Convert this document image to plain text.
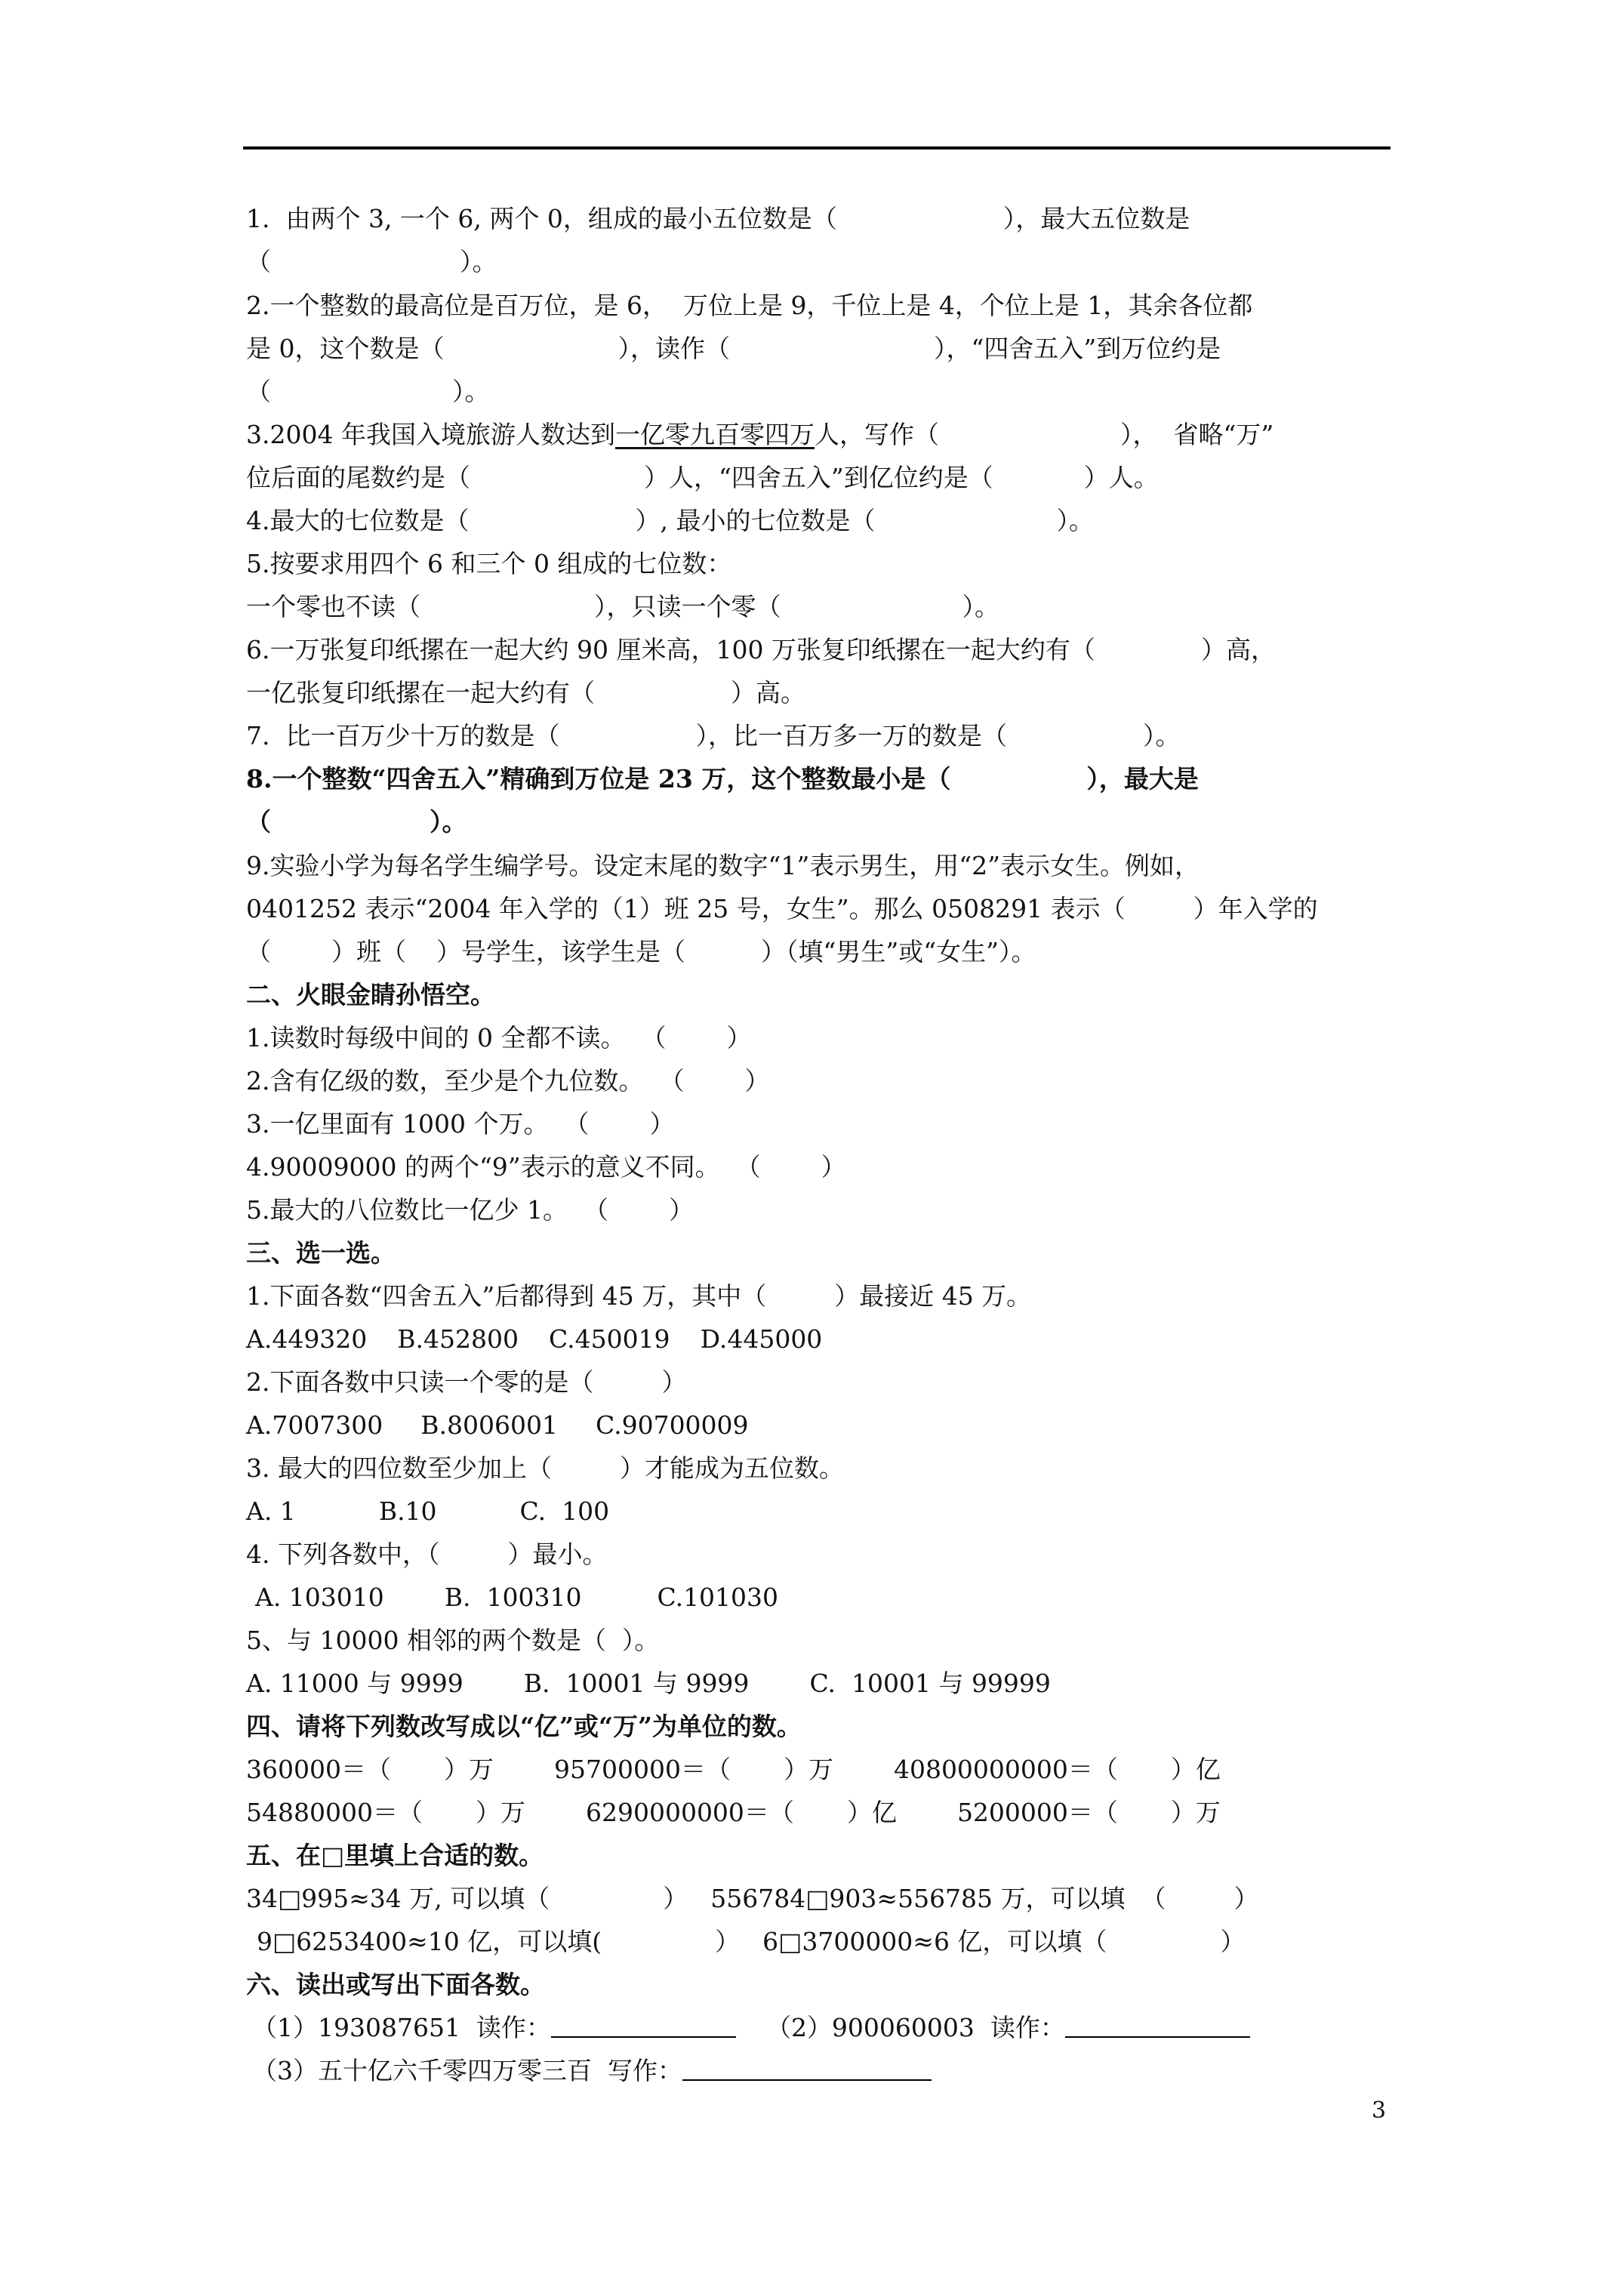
1.  由两个 3, 一个 6, 两个 0，组成的最小五位数是（	），最大五位数是
（	）。
2.一个整数的最高位是百万位，是 6，  万位上是 9，千位上是 4，个位上是 1，其余各位都
是 0，这个数是（	），读作（	），“四舍五入”到万位约是
（	）。
3.2004 年我国入境旅游人数达到一亿零九百零四万人，写作（	），  省略“万”
位后面的尾数约是（	）人，“四舍五入”到亿位约是（	）人。
4.最大的七位数是（	）, 最小的七位数是（	）。
5.按要求用四个 6 和三个 0 组成的七位数：
一个零也不读（	），只读一个零（	）。
6.一万张复印纸摞在一起大约 90 厘米高，100 万张复印纸摞在一起大约有（	）高，
一亿张复印纸摞在一起大约有（	）高。
7.  比一百万少十万的数是（	），比一百万多一万的数是（	）。
8.一个整数“四舍五入”精确到万位是 23 万，这个整数最小是（	），最大是
（	）。
9.实验小学为每名学生编学号。设定末尾的数字“1”表示男生，用“2”表示女生。例如，
0401252 表示“2004 年入学的（1）班 25 号，女生”。那么 0508291 表示（	）年入学的
（ ）班（ ）号学生，该学生是（	）（填“男生”或“女生”）。
二、火眼金睛孙悟空。
1.读数时每级中间的 0 全都不读。  （ ）
2.含有亿级的数，至少是个九位数。  （ ）
3.一亿里面有 1000 个万。  （ ）
4.90009000 的两个“9”表示的意义不同。  （ ）
5.最大的八位数比一亿少 1。  （ ）
三、选一选。
1.下面各数“四舍五入”后都得到 45 万，其中（	）最接近 45 万。
A.449320 B.452800 C.450019 D.445000
2.下面各数中只读一个零的是（	）
A.7007300 B.8006001 C.90700009
3. 最大的四位数至少加上（	）才能成为五位数。
A. 1	B.10	C.  100
4. 下列各数中，（	）最小。
A. 103010 B.  100310	C.101030
5、与 10000 相邻的两个数是（  ）。
A. 11000 与 9999 B.  10001 与 9999 C.  10001 与 99999
四、请将下列数改写成以“亿”或“万”为单位的数。
360000＝（ ）万 95700000＝（ ）万 40800000000＝（ ）亿
54880000＝（ ）万 6290000000＝（ ）亿 5200000＝（ ）万
五、在□里填上合适的数。
34□995≈34 万, 可以填（	） 556784□903≈556785 万，可以填  （	）
9□6253400≈10 亿，可以填(	） 6□3700000≈6 亿，可以填（	）
六、读出或写出下面各数。
（1）193087651  读作：	（2）900060003  读作：
（3）五十亿六千零四万零三百  写作：
3
